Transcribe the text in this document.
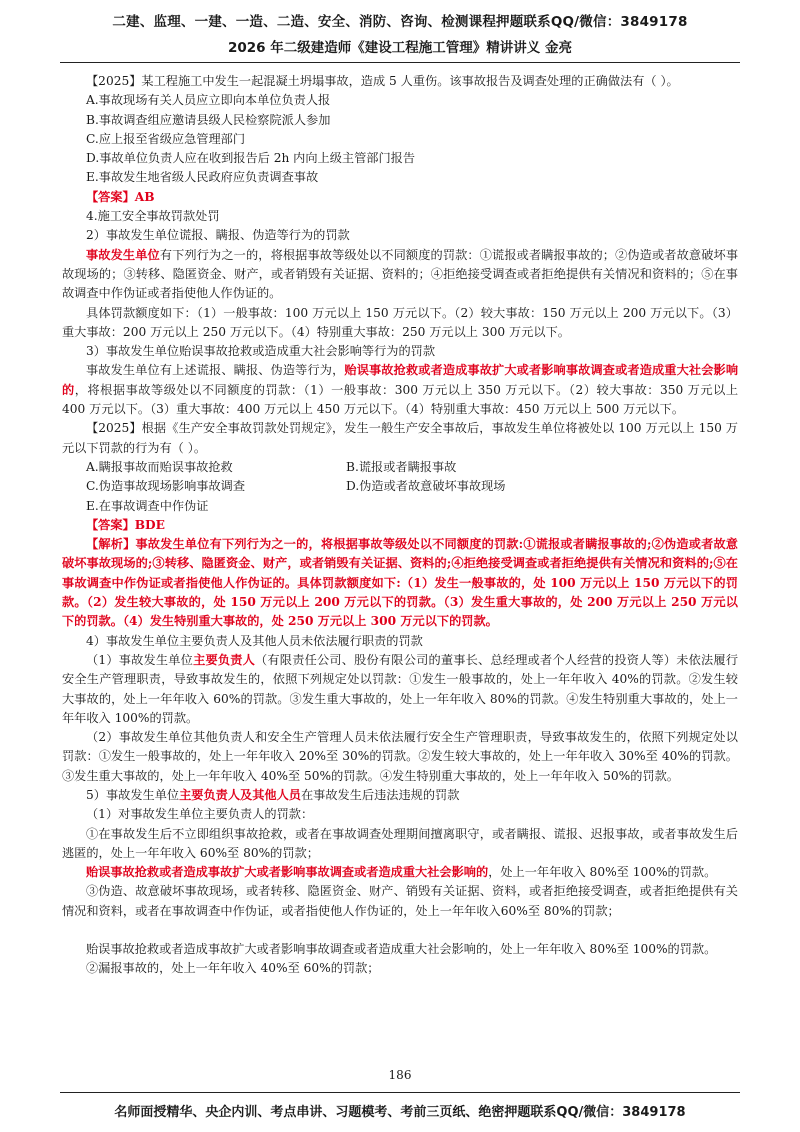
二建、监理、一建、一造、二造、安全、消防、咨询、检测课程押题联系QQ/微信：3849178
2026 年二级建造师《建设工程施工管理》精讲讲义 金亮

【2025】某工程施工中发生一起混凝土坍塌事故，造成 5 人重伤。该事故报告及调查处理的正确做法有（ ）。

A.事故现场有关人员应立即向本单位负责人报

B.事故调查组应邀请县级人民检察院派人参加

C.应上报至省级应急管理部门

D.事故单位负责人应在收到报告后 2h 内向上级主管部门报告

E.事故发生地省级人民政府应负责调查事故

【答案】AB

4.施工安全事故罚款处罚

2）事故发生单位谎报、瞒报、伪造等行为的罚款

事故发生单位有下列行为之一的，将根据事故等级处以不同额度的罚款：①谎报或者瞒报事故的；②伪造或者故意破坏事故现场的；③转移、隐匿资金、财产，或者销毁有关证据、资料的；④拒绝接受调查或者拒绝提供有关情况和资料的；⑤在事故调查中作伪证或者指使他人作伪证的。

具体罚款额度如下：（1）一般事故：100 万元以上 150 万元以下。（2）较大事故：150 万元以上 200 万元以下。（3）重大事故：200 万元以上 250 万元以下。（4）特别重大事故：250 万元以上 300 万元以下。

3）事故发生单位贻误事故抢救或造成重大社会影响等行为的罚款

事故发生单位有上述谎报、瞒报、伪造等行为，贻误事故抢救或者造成事故扩大或者影响事故调查或者造成重大社会影响的，将根据事故等级处以不同额度的罚款：（1）一般事故：300 万元以上 350 万元以下。（2）较大事故：350 万元以上 400 万元以下。（3）重大事故：400 万元以上 450 万元以下。（4）特别重大事故：450 万元以上 500 万元以下。

【2025】根据《生产安全事故罚款处罚规定》，发生一般生产安全事故后，事故发生单位将被处以 100 万元以上 150 万元以下罚款的行为有（ ）。

A.瞒报事故而贻误事故抢救	B.谎报或者瞒报事故
C.伪造事故现场影响事故调查	D.伪造或者故意破坏事故现场

E.在事故调查中作伪证

【答案】BDE

【解析】事故发生单位有下列行为之一的，将根据事故等级处以不同额度的罚款:①谎报或者瞒报事故的;②伪造或者故意破坏事故现场的;③转移、隐匿资金、财产，或者销毁有关证据、资料的;④拒绝接受调查或者拒绝提供有关情况和资料的;⑤在事故调查中作伪证或者指使他人作伪证的。具体罚款额度如下:（1）发生一般事故的，处 100 万元以上 150 万元以下的罚款。（2）发生较大事故的，处 150 万元以上 200 万元以下的罚款。（3）发生重大事故的，处 200 万元以上 250 万元以下的罚款。（4）发生特别重大事故的，处 250 万元以上 300 万元以下的罚款。

4）事故发生单位主要负责人及其他人员未依法履行职责的罚款

（1）事故发生单位主要负责人（有限责任公司、股份有限公司的董事长、总经理或者个人经营的投资人等）未依法履行安全生产管理职责，导致事故发生的，依照下列规定处以罚款：①发生一般事故的，处上一年年收入 40%的罚款。②发生较大事故的，处上一年年收入 60%的罚款。③发生重大事故的，处上一年年收入 80%的罚款。④发生特别重大事故的，处上一年年收入 100%的罚款。

（2）事故发生单位其他负责人和安全生产管理人员未依法履行安全生产管理职责，导致事故发生的，依照下列规定处以罚款：①发生一般事故的，处上一年年收入 20%至 30%的罚款。②发生较大事故的，处上一年年收入 30%至 40%的罚款。③发生重大事故的，处上一年年收入 40%至 50%的罚款。④发生特别重大事故的，处上一年年收入 50%的罚款。

5）事故发生单位主要负责人及其他人员在事故发生后违法违规的罚款

（1）对事故发生单位主要负责人的罚款：

①在事故发生后不立即组织事故抢救，或者在事故调查处理期间擅离职守，或者瞒报、谎报、迟报事故，或者事故发生后逃匿的，处上一年年收入 60%至 80%的罚款；

贻误事故抢救或者造成事故扩大或者影响事故调查或者造成重大社会影响的，处上一年年收入 80%至 100%的罚款。

③伪造、故意破坏事故现场，或者转移、隐匿资金、财产、销毁有关证据、资料，或者拒绝接受调查，或者拒绝提供有关情况和资料，或者在事故调查中作伪证，或者指使他人作伪证的，处上一年年收入60%至 80%的罚款；

贻误事故抢救或者造成事故扩大或者影响事故调查或者造成重大社会影响的，处上一年年收入 80%至 100%的罚款。

②漏报事故的，处上一年年收入 40%至 60%的罚款；

186
名师面授精华、央企内训、考点串讲、习题模考、考前三页纸、绝密押题联系QQ/微信：3849178
